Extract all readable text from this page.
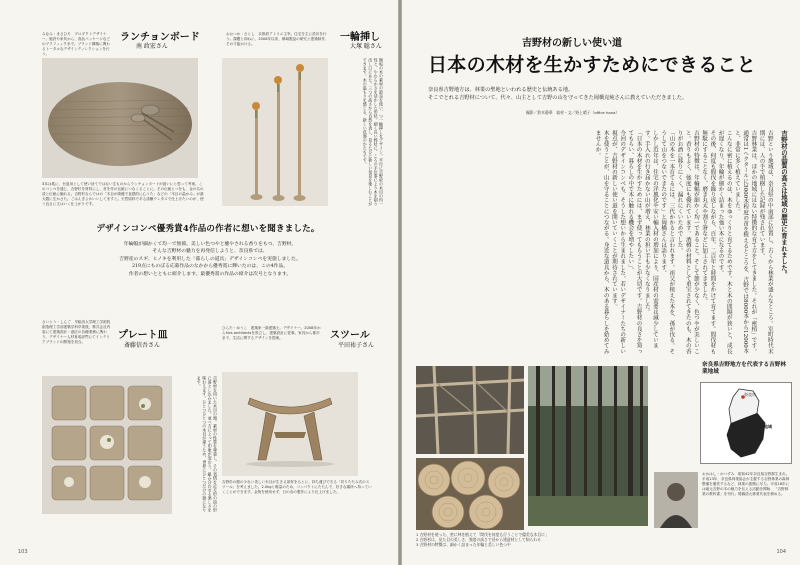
みなみ・まさひろ　プロダクトデザイナー。施設や家具から、食品パッケージなどのグラフィックまで。ブランド構築に関わるトータルなデザインディレクションを行う。
ランチョンボード
南 政宏さん
3本は匙に、台皿用として使い捨てではない生ものからランチョンボードが誕いにと思って考案。このコンペを通じ、吉野杉を材料にし、首を作の伝統につなくることに。その伝統とつをも、金の名の漆と伝統に触れる。吉野杉ならではの「木目が綺麗で直感的に心うた」などの「木目の温かみ」が最大限に生かさた。ごはんぎよかいいしてますと。天然原料である漆醸ウレタスで仕上げたいのが、使う良さに丈はいく仕上がりです。
一輪挿し
大塚 聡さん
おおつか・さとし　京都府アトリエ主宰。住宅を主に設計を行う。課題と即ねに、2008年以来、郷域製品の研究と建築制作、その才能かける。
無垢の木の素材の最良を使い、つ一輪挿しをデザイン。平行に吉野杉の木目の均一性と、やわらかさを活かした形状。細く長い棒状に、ころの手仕事により木を削り出し口にあた。三つの高さから自然を表し、見るたびに新しい発見を楽しむことができます。木の温もりを感じる、新しい花器のかたちです。
デザインコンペ優秀賞4作品の作者に想いを聞きました。
年輪幅が細かくて均一で無節。美しい色つやと癒やされる香りをもつ、吉野材。
そんな吉野材の魅力を再発信しようと、奈良県では、
吉野産のスギ、ヒノキを利用した「暮らしの道具」デザインコンペを実施しました。
219点にものぼる応募作品のなかから優秀賞に輝いたのは、この4作品。
作者の想いとともに紹介します。最優秀賞の作品の紹介は次号となります。
さいとう・しんご　早稲田大学理工学術院創造理工学部建築学科卒業後、株式会社内装にて建築設計・意匠の各種業務に携わり、デザイナー人材育成部門にてインテリアブランドの開発を担当。
プレート皿
斎藤信吾さん
吉野材を用いた木目の器。素材の性質を尊重し、その表情を正方形の皿の形に落とし込みました。並べ方によって印象が変わり、組み合わせる楽しさを味わえます。ひとつひとつの木目が違うため、世界にひとつだけの器になります。
ひらた・ゆうこ　建築家一級建築士。デザイナー。2008年からhira architectsを設立し、建築設計に従事。家具から都市まで、生活に関するデザインを提案。	スツール
平田祐子さん
吉野杉の節の少ない美しい木目が生きる部材をもとに、持ち運びできる「折りたたみ式のスツール」を考えました。2.0kgと軽量のため、コンパクトにたたんで、好きな場所へ持っていくことができます。金物を使用せず、日の出の製作により仕上げました。
103
吉野材の新しい使い道
日本の木材を生かすためにできること
奈良県吉野地方は、林業の聖地といわれる歴史と伝統ある地。
そこでとれる吉野材について、代々、山主として吉野の山を守ってきた岡橋克純さんに教えていただきました。
撮影／鈴木静華　取材・文／野上晴子（office hana）

吉野材の品質の高さは地域の歴史に育まれました。

吉野という地域は、奈良県の中南部に位置し、古くから林業が盛んなところ。室町時代末期には、人の手で植樹した記録が残されています。

吉野林業は、ほかの地域にはない特徴的な育て方をしてきました。それが「密植」です。通常は1ヘクタールに3000本程度の苗を植えるところを、吉野では8000本から12000本と、非常に多く植えていました。

こんなに密に植えるのは、木をゆっくりと育てるためです。木と木の間隔が狭いと、成長が遅くなり、年輪が細かく詰まった強い木になるのです。

その後、何度も間伐を繰り返しながら、百年、二百年と時間をかけて育てます。間伐材も無駄にすることなく、磨き丸太や割り箸などに加工されてきました。

吉野材の特徴は、年輪幅が細かく均一であること。そして節が少なく、色つやが美しいこと。香りもよく、強度にも優れています。酒樽の材料として重宝されてきたのも、木の香りがお酒に移りにくく、漏れにくいためでした。

「山の木を一本育てるには、三代かかると言われます。祖父が植えた木を、孫が伐る。そうして山をつないできたのです」と岡橋さんは語ります。

しかし近年は、住宅の洋風化や安い輸入材の増加により、国産材の需要は減少しています。手入れの行き届かない山が増え、林業の担い手も少なくなりました。

「日本の木材を生かすためには、まず使ってもらうことが大切です。吉野材の良さを知ってもらい、暮らしの中で木に触れる機会を増やしたい」。

今回のデザインコンペも、そうした想いから生まれました。若いデザイナーたちの新しい視点が、吉野材の新しい使い道を開いていくことが期待されています。

木を使うことが、山を守ることにつながる。身近な道具から、木のある暮らしを始めてみませんか。

1 吉野材を使った、密に林を植えて「間伐を何度も行うことで優美な木目に」
2 吉野杉は、見た目の美しさ、強度の高さで昔から建造材として知られる
3 吉野材の特徴は、細かく詰まった年輪と美しい色つや
奈良県吉野地方を代表する吉野林業地域
奈良市
吉野林業地域
おかはし・かつずみ　昭和42年奈良県吉野郡生まれ。平成13年、奈良県林業協会が主催する吉野林業の森林整備を運営するなど、林業の振興に尽力。平成18年には地元吉野の木の魅力を伝える活動を開始、「吉野林業の教科書」を刊行。岡橋清元林業代表を務める。
104
